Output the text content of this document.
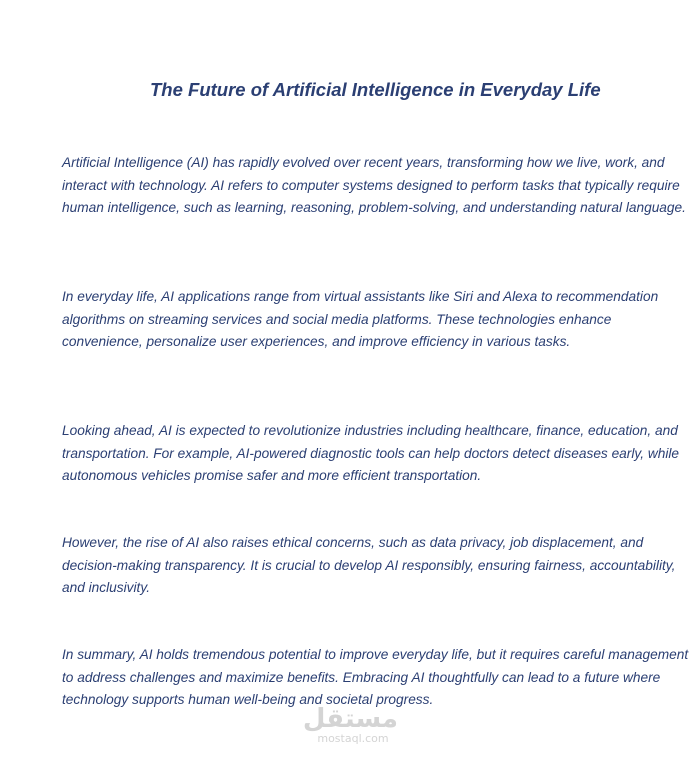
The Future of Artificial Intelligence in Everyday Life

Artificial Intelligence (AI) has rapidly evolved over recent years, transforming how we live, work, and interact with technology. AI refers to computer systems designed to perform tasks that typically require human intelligence, such as learning, reasoning, problem-solving, and understanding natural language.

In everyday life, AI applications range from virtual assistants like Siri and Alexa to recommendation algorithms on streaming services and social media platforms. These technologies enhance convenience, personalize user experiences, and improve efficiency in various tasks.

Looking ahead, AI is expected to revolutionize industries including healthcare, finance, education, and transportation. For example, AI-powered diagnostic tools can help doctors detect diseases early, while autonomous vehicles promise safer and more efficient transportation.

However, the rise of AI also raises ethical concerns, such as data privacy, job displacement, and decision-making transparency. It is crucial to develop AI responsibly, ensuring fairness, accountability, and inclusivity.

In summary, AI holds tremendous potential to improve everyday life, but it requires careful management to address challenges and maximize benefits. Embracing AI thoughtfully can lead to a future where technology supports human well-being and societal progress.

مستقل
mostaql.com
